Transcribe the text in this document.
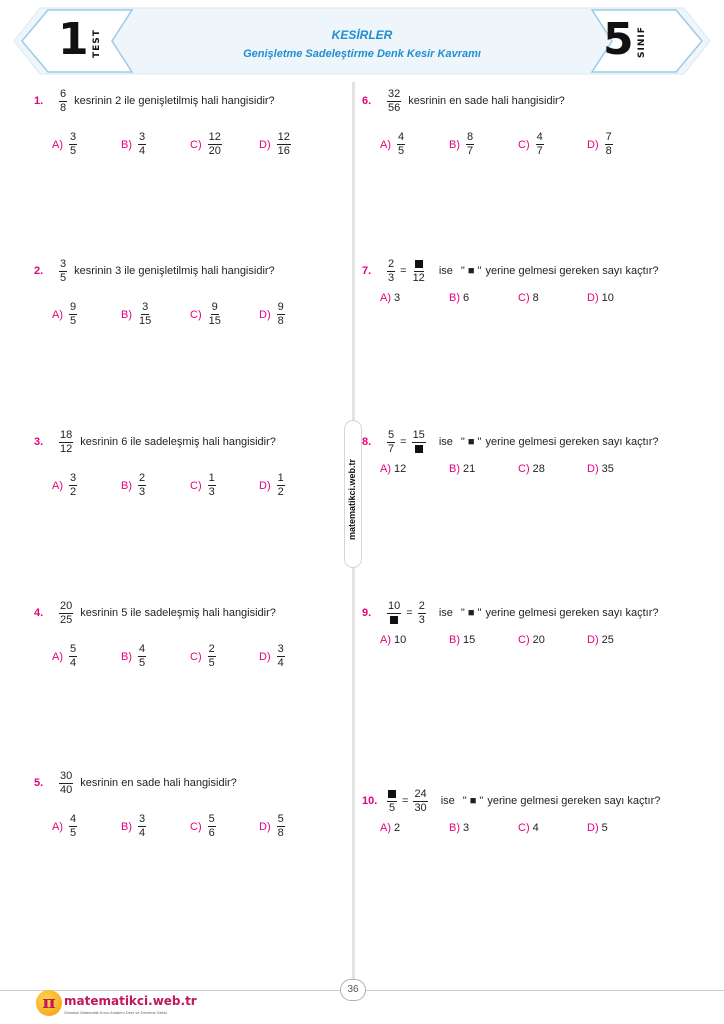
1 TEST	5 SINIF
KESİRLER
Genişletme Sadeleştirme Denk Kesir Kavramı
matematikci.web.tr
1.	$\frac{6}{8}$ kesrinin 2 ile genişletilmiş hali hangisidir?
$A) \frac{3}{5}$	$B) \frac{3}{4}$	$C) \frac{12}{20}$	$D) \frac{12}{16}$
2.	$\frac{3}{5}$ kesrinin 3 ile genişletilmiş hali hangisidir?
$A) \frac{9}{5}$	$B) \frac{3}{15}$	$C) \frac{9}{15}$	$D) \frac{9}{8}$
3.	$\frac{18}{12}$ kesrinin 6 ile sadeleşmiş hali hangisidir?
$A) \frac{3}{2}$	$B) \frac{2}{3}$	$C) \frac{1}{3}$	$D) \frac{1}{2}$
4.	$\frac{20}{25}$ kesrinin 5 ile sadeleşmiş hali hangisidir?
$A) \frac{5}{4}$	$B) \frac{4}{5}$	$C) \frac{2}{5}$	$D) \frac{3}{4}$
5.	$\frac{30}{40}$ kesrinin en sade hali hangisidir?
$A) \frac{4}{5}$	$B) \frac{3}{4}$	$C) \frac{5}{6}$	$D) \frac{5}{8}$
6.	$\frac{32}{56}$ kesrinin en sade hali hangisidir?
$A) \frac{4}{5}$	$B) \frac{8}{7}$	$C) \frac{4}{7}$	$D) \frac{7}{8}$
7.	$\frac{2}{3}$ =
12
ise " ■ " yerine gelmesi gereken sayı kaçtır?
A) 3	B) 6	C) 8	D) 10
8.	$\frac{5}{7}$ =
15
ise " ■ " yerine gelmesi gereken sayı kaçtır?
A) 12	B) 21	C) 28	D) 35
9.
10
= $\frac{2}{3}$ ise " ■ " yerine gelmesi gereken sayı kaçtır?
A) 10	B) 15	C) 20	D) 25
10.
5
= $\frac{24}{30}$ ise " ■ " yerine gelmesi gereken sayı kaçtır?
A) 2	B) 3	C) 4	D) 5
36
π matematikci.web.tr
Ortaokul Matematik Konu Anlatımı Ders ve Deneme Sitesi
